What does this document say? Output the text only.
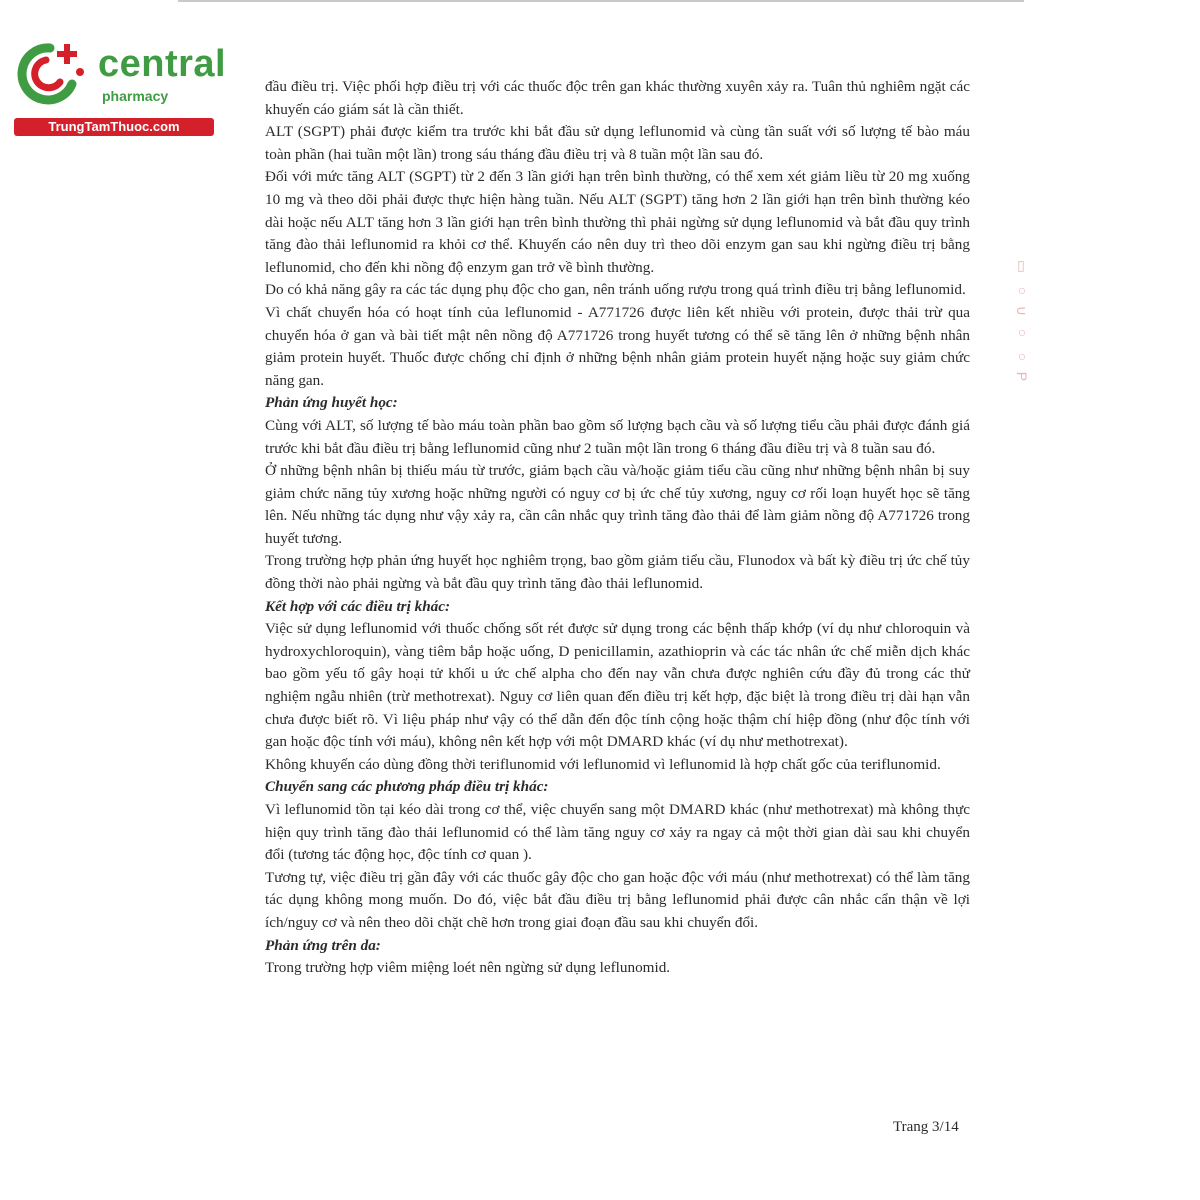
central
pharmacy
TrungTamThuoc.com
▯ ○ ∪ ○ ○ P

đầu điều trị. Việc phối hợp điều trị với các thuốc độc trên gan khác thường xuyên xảy ra. Tuân thủ nghiêm ngặt các khuyến cáo giám sát là cần thiết.

ALT (SGPT) phải được kiểm tra trước khi bắt đầu sử dụng leflunomid và cùng tần suất với số lượng tế bào máu toàn phần (hai tuần một lần) trong sáu tháng đầu điều trị và 8 tuần một lần sau đó.

Đối với mức tăng ALT (SGPT) từ 2 đến 3 lần giới hạn trên bình thường, có thể xem xét giảm liều từ 20 mg xuống 10 mg và theo dõi phải được thực hiện hàng tuần. Nếu ALT (SGPT) tăng hơn 2 lần giới hạn trên bình thường kéo dài hoặc nếu ALT tăng hơn 3 lần giới hạn trên bình thường thì phải ngừng sử dụng leflunomid và bắt đầu quy trình tăng đào thải leflunomid ra khỏi cơ thể. Khuyến cáo nên duy trì theo dõi enzym gan sau khi ngừng điều trị bằng leflunomid, cho đến khi nồng độ enzym gan trở về bình thường.

Do có khả năng gây ra các tác dụng phụ độc cho gan, nên tránh uống rượu trong quá trình điều trị bằng leflunomid.

Vì chất chuyển hóa có hoạt tính của leflunomid - A771726 được liên kết nhiều với protein, được thải trừ qua chuyển hóa ở gan và bài tiết mật nên nồng độ A771726 trong huyết tương có thể sẽ tăng lên ở những bệnh nhân giảm protein huyết. Thuốc được chống chỉ định ở những bệnh nhân giảm protein huyết nặng hoặc suy giảm chức năng gan.

Phản ứng huyết học:

Cùng với ALT, số lượng tế bào máu toàn phần bao gồm số lượng bạch cầu và số lượng tiểu cầu phải được đánh giá trước khi bắt đầu điều trị bằng leflunomid cũng như 2 tuần một lần trong 6 tháng đầu điều trị và 8 tuần sau đó.

Ở những bệnh nhân bị thiếu máu từ trước, giảm bạch cầu và/hoặc giảm tiểu cầu cũng như những bệnh nhân bị suy giảm chức năng tủy xương hoặc những người có nguy cơ bị ức chế tủy xương, nguy cơ rối loạn huyết học sẽ tăng lên. Nếu những tác dụng như vậy xảy ra, cần cân nhắc quy trình tăng đào thải để làm giảm nồng độ A771726 trong huyết tương.

Trong trường hợp phản ứng huyết học nghiêm trọng, bao gồm giảm tiểu cầu, Flunodox và bất kỳ điều trị ức chế tủy đồng thời nào phải ngừng và bắt đầu quy trình tăng đào thải leflunomid.

Kết hợp với các điều trị khác:

Việc sử dụng leflunomid với thuốc chống sốt rét được sử dụng trong các bệnh thấp khớp (ví dụ như chloroquin và hydroxychloroquin), vàng tiêm bắp hoặc uống, D penicillamin, azathioprin và các tác nhân ức chế miễn dịch khác bao gồm yếu tố gây hoại tử khối u ức chế alpha cho đến nay vẫn chưa được nghiên cứu đầy đủ trong các thử nghiệm ngẫu nhiên (trừ methotrexat). Nguy cơ liên quan đến điều trị kết hợp, đặc biệt là trong điều trị dài hạn vẫn chưa được biết rõ. Vì liệu pháp như vậy có thể dẫn đến độc tính cộng hoặc thậm chí hiệp đồng (như độc tính với gan hoặc độc tính với máu), không nên kết hợp với một DMARD khác (ví dụ như methotrexat).

Không khuyến cáo dùng đồng thời teriflunomid với leflunomid vì leflunomid là hợp chất gốc của teriflunomid.

Chuyển sang các phương pháp điều trị khác:

Vì leflunomid tồn tại kéo dài trong cơ thể, việc chuyển sang một DMARD khác (như methotrexat) mà không thực hiện quy trình tăng đào thải leflunomid có thể làm tăng nguy cơ xảy ra ngay cả một thời gian dài sau khi chuyển đổi (tương tác động học, độc tính cơ quan ).

Tương tự, việc điều trị gần đây với các thuốc gây độc cho gan hoặc độc với máu (như methotrexat) có thể làm tăng tác dụng không mong muốn. Do đó, việc bắt đầu điều trị bằng leflunomid phải được cân nhắc cẩn thận về lợi ích/nguy cơ và nên theo dõi chặt chẽ hơn trong giai đoạn đầu sau khi chuyển đổi.

Phản ứng trên da:

Trong trường hợp viêm miệng loét nên ngừng sử dụng leflunomid.

Trang 3/14
